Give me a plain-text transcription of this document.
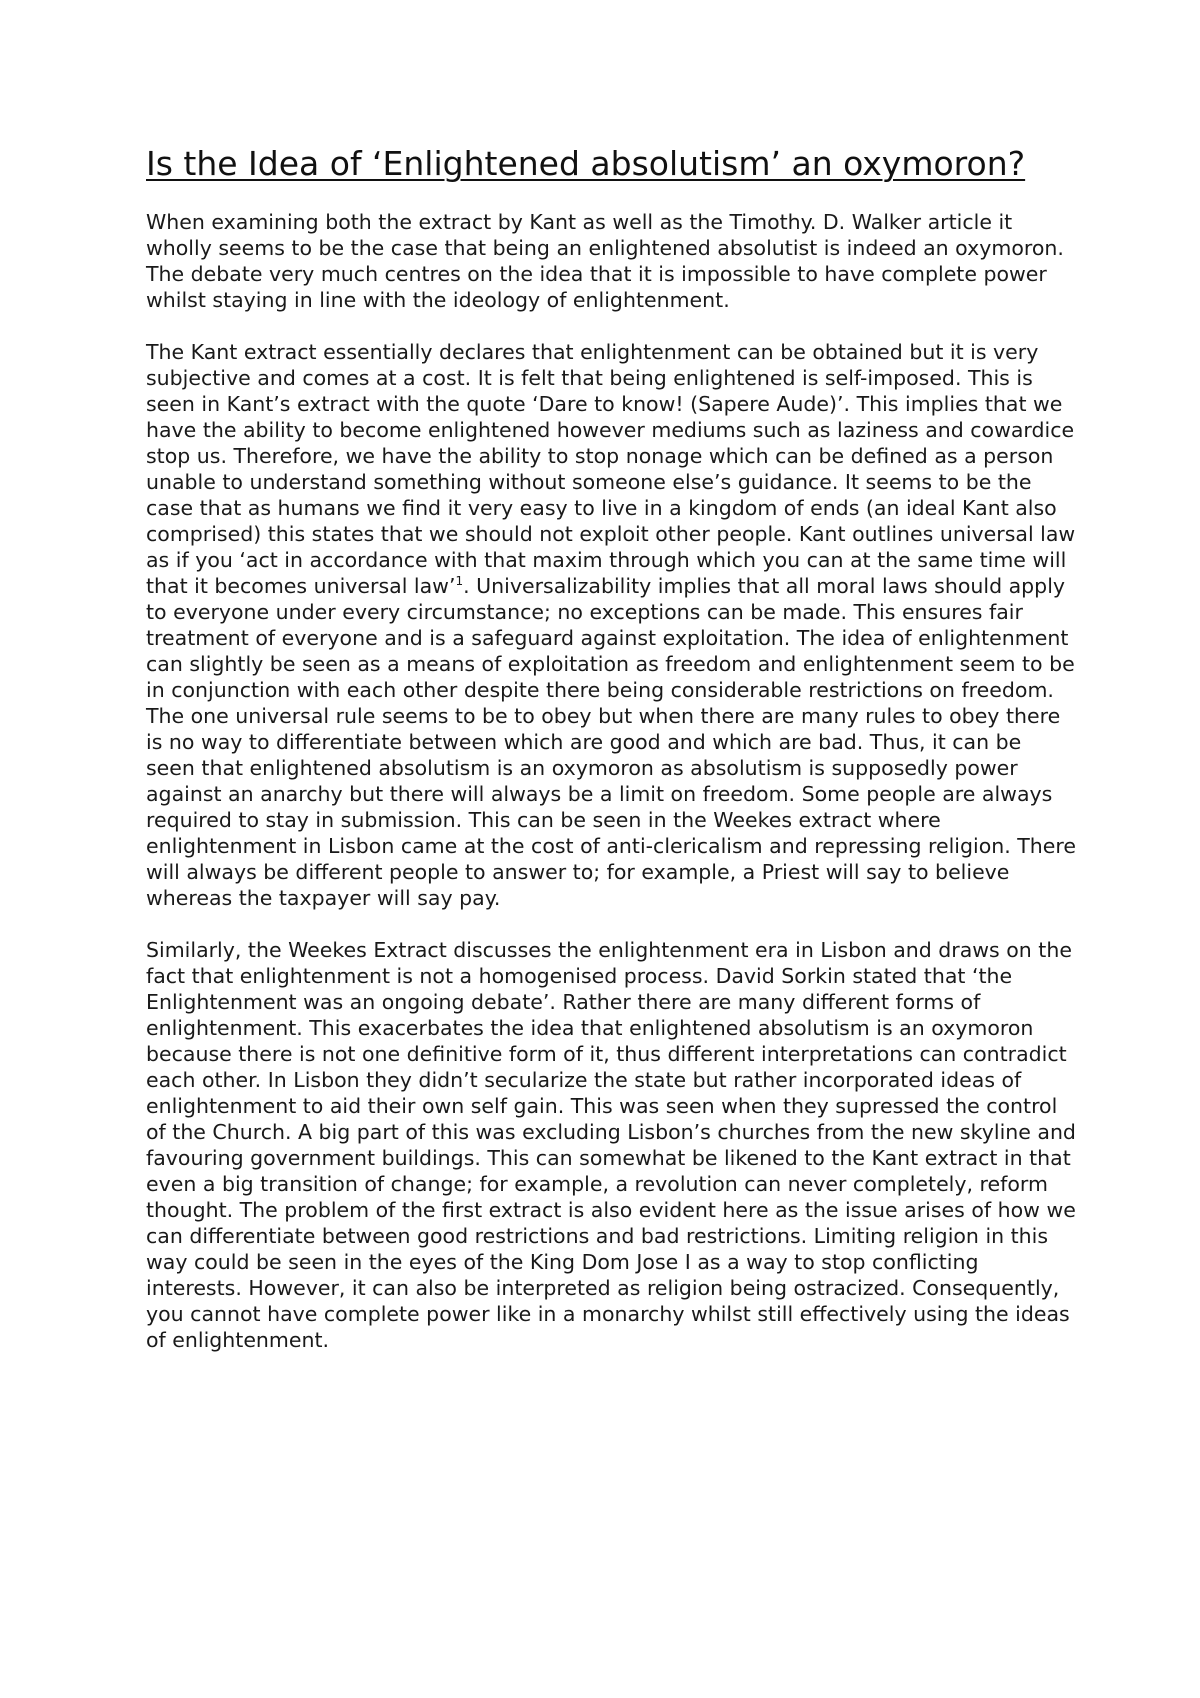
Is the Idea of ‘Enlightened absolutism’ an oxymoron?

When examining both the extract by Kant as well as the Timothy. D. Walker article it wholly seems to be the case that being an enlightened absolutist is indeed an oxymoron. The debate very much centres on the idea that it is impossible to have complete power whilst staying in line with the ideology of enlightenment.

The Kant extract essentially declares that enlightenment can be obtained but it is very subjective and comes at a cost. It is felt that being enlightened is self-imposed. This is seen in Kant’s extract with the quote ‘Dare to know! (Sapere Aude)’. This implies that we have the ability to become enlightened however mediums such as laziness and cowardice stop us. Therefore, we have the ability to stop nonage which can be defined as a person unable to understand something without someone else’s guidance. It seems to be the case that as humans we find it very easy to live in a kingdom of ends (an ideal Kant also comprised) this states that we should not exploit other people. Kant outlines universal law as if you ‘act in accordance with that maxim through which you can at the same time will that it becomes universal law’$^1$. Universalizability implies that all moral laws should apply to everyone under every circumstance; no exceptions can be made. This ensures fair treatment of everyone and is a safeguard against exploitation. The idea of enlightenment can slightly be seen as a means of exploitation as freedom and enlightenment seem to be in conjunction with each other despite there being considerable restrictions on freedom. The one universal rule seems to be to obey but when there are many rules to obey there is no way to differentiate between which are good and which are bad. Thus, it can be seen that enlightened absolutism is an oxymoron as absolutism is supposedly power against an anarchy but there will always be a limit on freedom. Some people are always required to stay in submission. This can be seen in the Weekes extract where enlightenment in Lisbon came at the cost of anti-clericalism and repressing religion. There will always be different people to answer to; for example, a Priest will say to believe whereas the taxpayer will say pay.

Similarly, the Weekes Extract discusses the enlightenment era in Lisbon and draws on the fact that enlightenment is not a homogenised process. David Sorkin stated that ‘the Enlightenment was an ongoing debate’. Rather there are many different forms of enlightenment. This exacerbates the idea that enlightened absolutism is an oxymoron because there is not one definitive form of it, thus different interpretations can contradict each other. In Lisbon they didn’t secularize the state but rather incorporated ideas of enlightenment to aid their own self gain. This was seen when they supressed the control of the Church. A big part of this was excluding Lisbon’s churches from the new skyline and favouring government buildings. This can somewhat be likened to the Kant extract in that even a big transition of change; for example, a revolution can never completely, reform thought. The problem of the first extract is also evident here as the issue arises of how we can differentiate between good restrictions and bad restrictions. Limiting religion in this way could be seen in the eyes of the King Dom Jose I as a way to stop conflicting interests. However, it can also be interpreted as religion being ostracized. Consequently, you cannot have complete power like in a monarchy whilst still effectively using the ideas of enlightenment.
